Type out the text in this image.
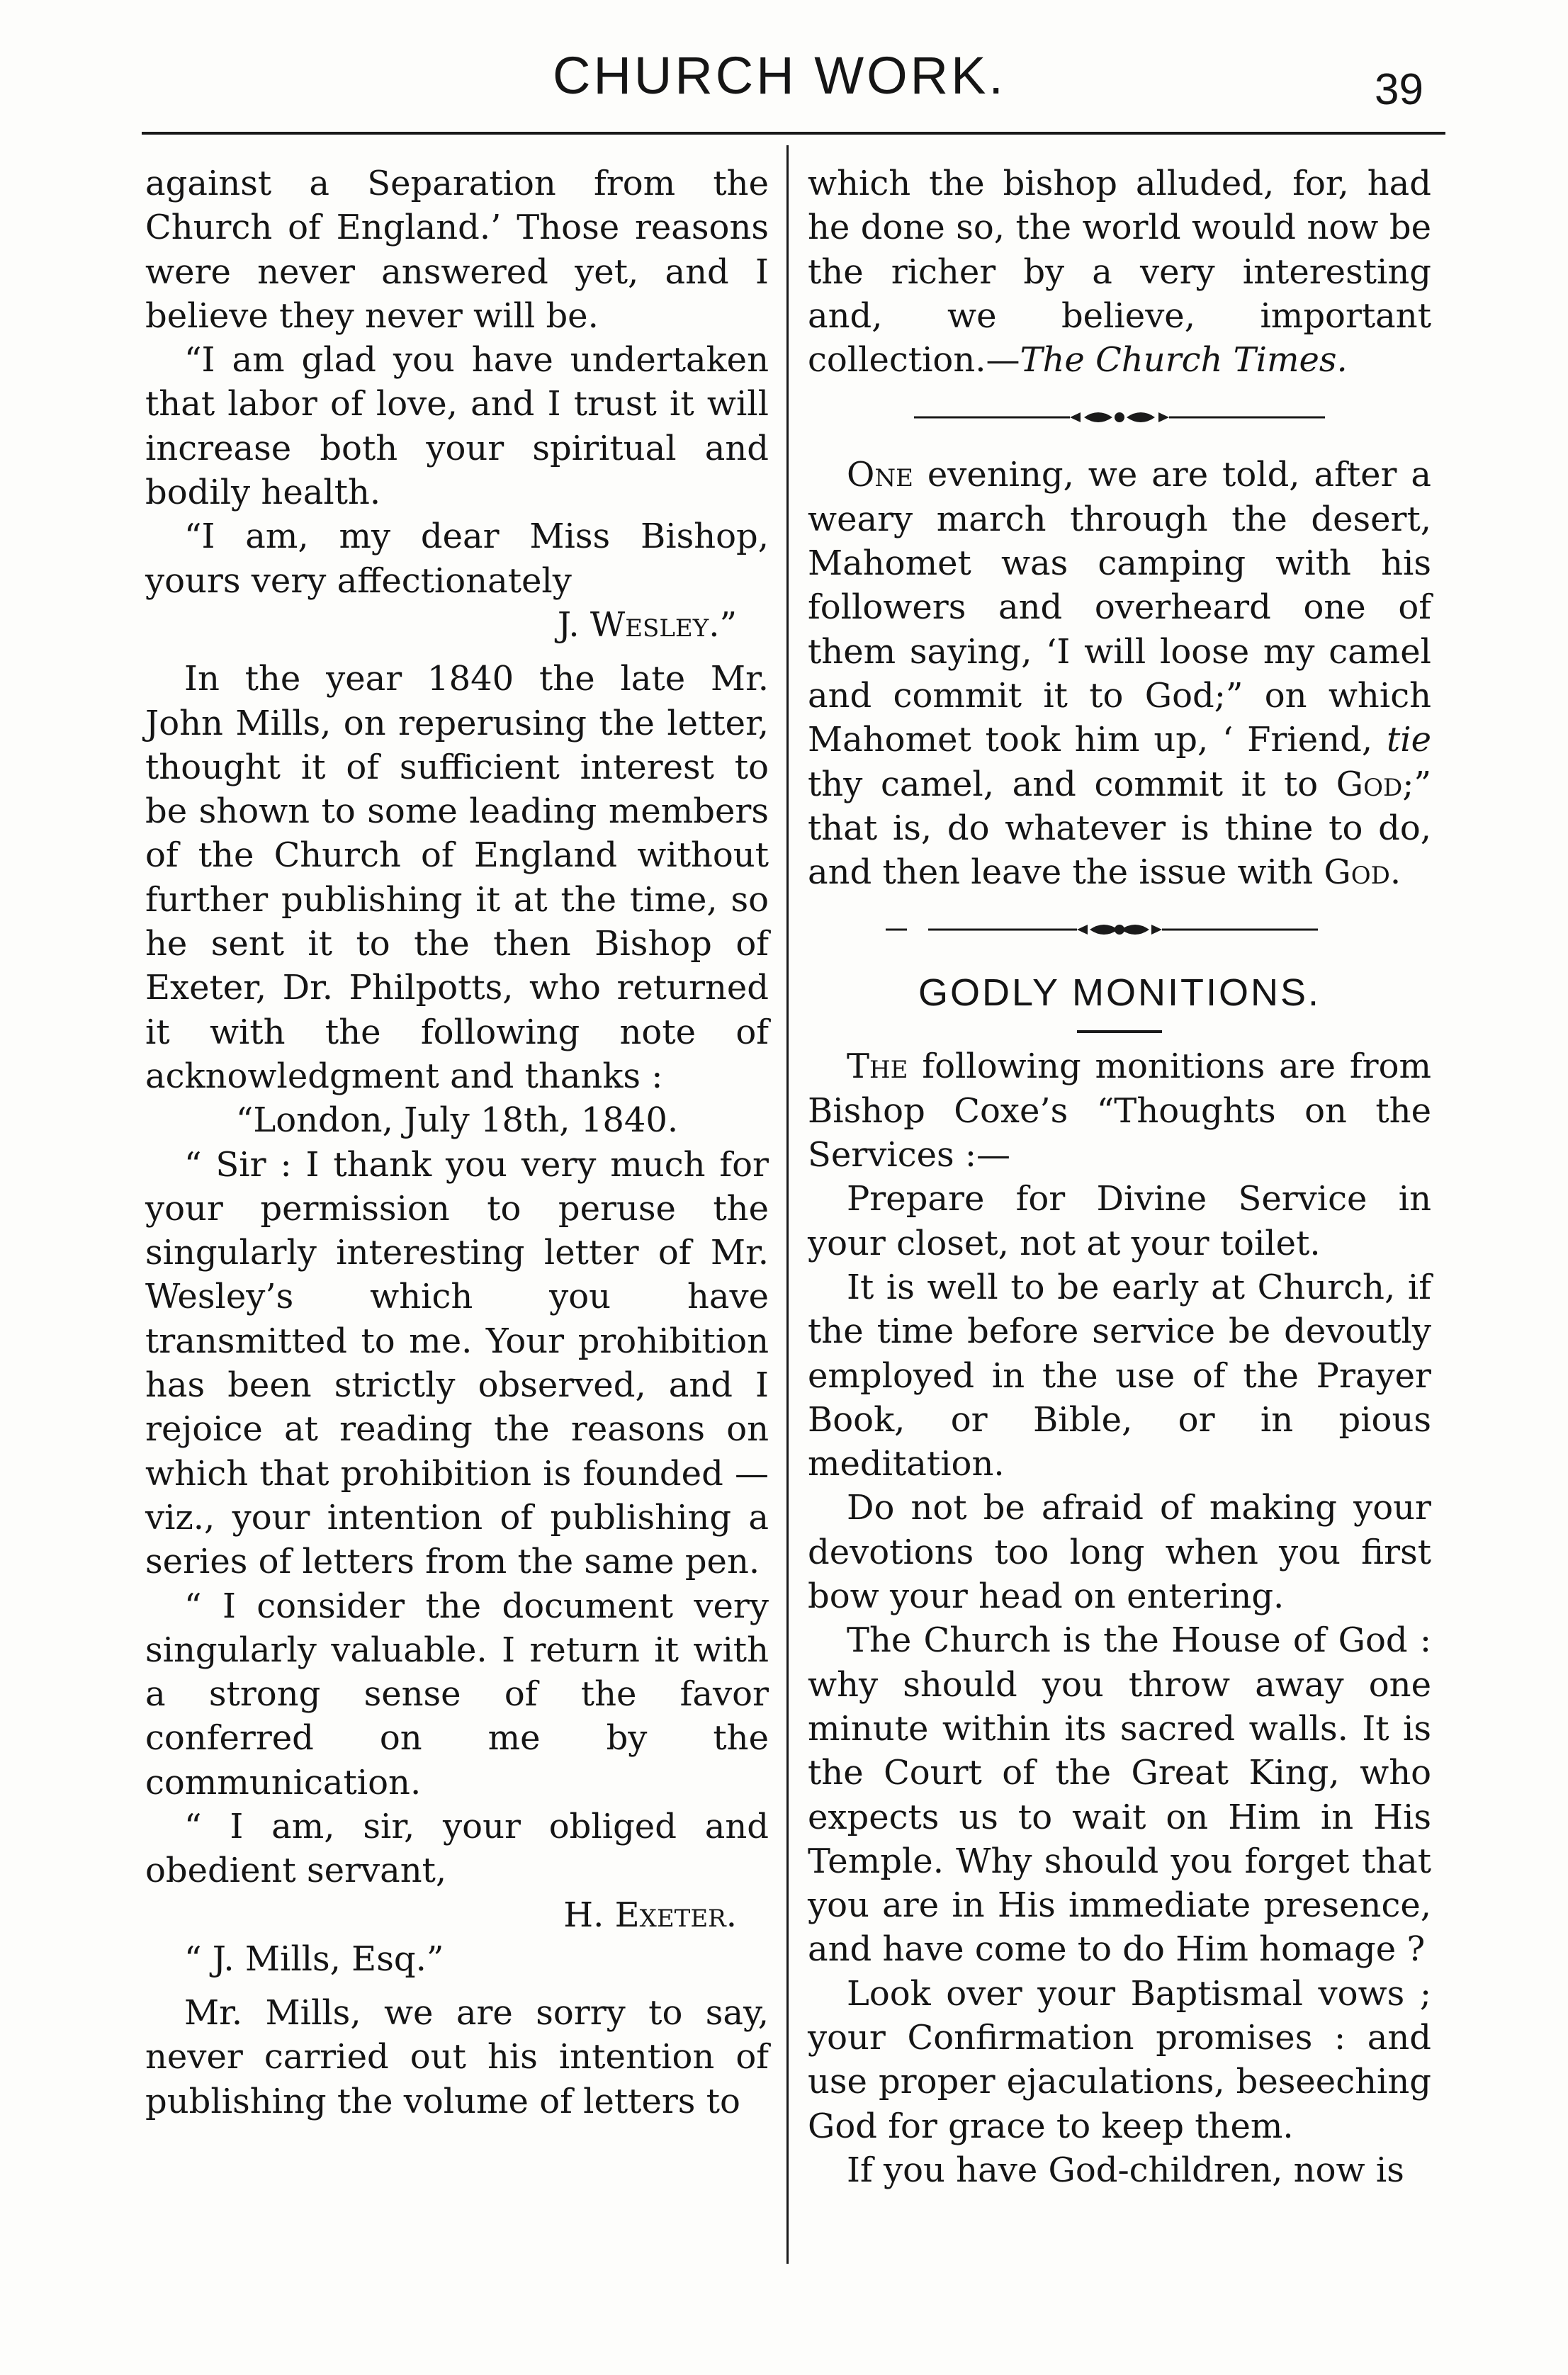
CHURCH WORK.	39

against a Separation from the Church of England.’ Those reasons were never answered yet, and I believe they never will be.

“I am glad you have undertaken that labor of love, and I trust it will increase both your spiritual and bodily health.

“I am, my dear Miss Bishop, yours very affectionately

J. Wesley.”

In the year 1840 the late Mr. John Mills, on reperusing the letter, thought it of sufficient interest to be shown to some leading members of the Church of England without further publishing it at the time, so he sent it to the then Bishop of Exeter, Dr. Philpotts, who returned it with the following note of acknowledgment and thanks :

“London, July 18th, 1840.

“ Sir : I thank you very much for your permission to peruse the singularly interesting letter of Mr. Wesley’s which you have transmitted to me. Your prohibition has been strictly observed, and I rejoice at reading the reasons on which that prohibition is founded —viz., your intention of publishing a series of letters from the same pen.

“ I consider the document very singularly valuable. I return it with a strong sense of the favor conferred on me by the communication.

“ I am, sir, your obliged and obedient servant,

H. Exeter.

“ J. Mills, Esq.”

Mr. Mills, we are sorry to say, never carried out his intention of publishing the volume of letters to

which the bishop alluded, for, had he done so, the world would now be the richer by a very interesting and, we believe, important collection.—The Church Times.

One evening, we are told, after a weary march through the desert, Mahomet was camping with his followers and overheard one of them saying, ‘I will loose my camel and commit it to God;” on which Mahomet took him up, ‘ Friend, tie thy camel, and commit it to God;” that is, do whatever is thine to do, and then leave the issue with God.

GODLY MONITIONS.

The following monitions are from Bishop Coxe’s “Thoughts on the Services :—

Prepare for Divine Service in your closet, not at your toilet.

It is well to be early at Church, if the time before service be devoutly employed in the use of the Prayer Book, or Bible, or in pious meditation.

Do not be afraid of making your devotions too long when you first bow your head on entering.

The Church is the House of God : why should you throw away one minute within its sacred walls. It is the Court of the Great King, who expects us to wait on Him in His Temple. Why should you forget that you are in His immediate presence, and have come to do Him homage ?

Look over your Baptismal vows ; your Confirmation promises : and use proper ejaculations, beseeching God for grace to keep them.

If you have God-children, now is
